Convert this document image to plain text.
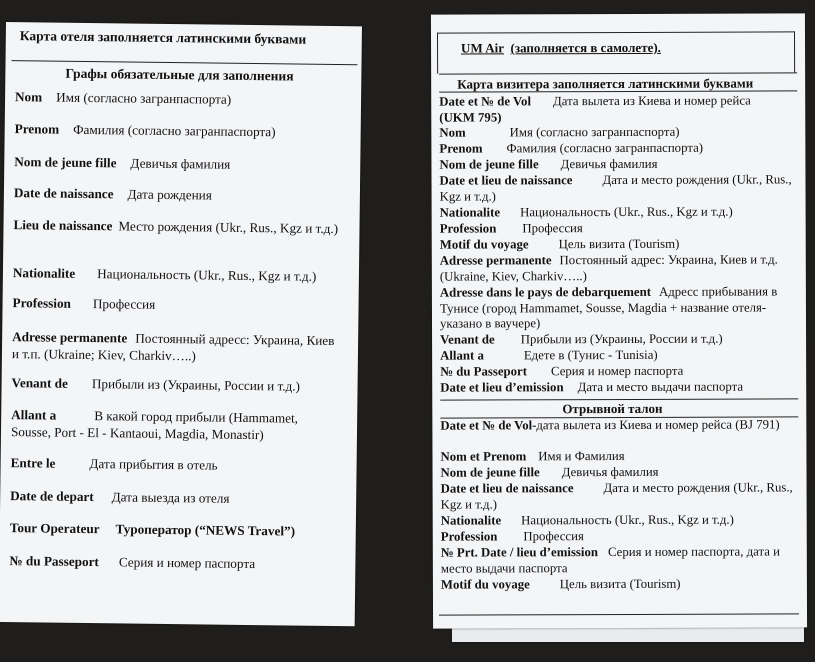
Карта отеля заполняется латинскими буквами
Графы обязательные для заполнения
Nom Имя (согласно загранпаспорта)
Prenom Фамилия (согласно загранпаспорта)
Nom de jeune fille Девичья фамилия
Date de naissance Дата рождения
Lieu de naissance Место рождения (Ukr., Rus., Kgz и т.д.)
Nationalite Национальность (Ukr., Rus., Kgz и т.д.)
Profession Профессия
Adresse permanente Постоянный адресс: Украина, Киев и т.п. (Ukraine; Kiev, Charkiv…..)
Venant de Прибыли из (Украины, России и т.д.)
Allant a	В какой город прибыли (Hammamet, Sousse, Port - El - Kantaoui, Magdia, Monastir)
Entre le	Дата прибытия в отель
Date de depart Дата выезда из отеля
Tour Operateur Туроператор (“NEWS Travel”)
№ du Passeport Серия и номер паспорта
UM Air (заполняется в самолете).
Карта визитера заполняется латинскими буквами
Date et № de Vol Дата вылета из Киева и номер рейса
(UKM 795)
Nom	Имя (согласно загранпаспорта)
Prenom Фамилия (согласно загранпаспорта)
Nom de jeune fille Девичья фамилия
Date et lieu de naissance Дата и место рождения (Ukr., Rus., Kgz и т.д.)
Nationalite Национальность (Ukr., Rus., Kgz и т.д.)
Profession Профессия
Motif du voyage Цель визита (Tourism)
Adresse permanente Постоянный адрес: Украина, Киев и т.д. (Ukraine, Kiev, Charkiv…..)
Adresse dans le pays de debarquement Адресс прибывания в Тунисе (город Hammamet, Sousse, Magdia + название отеля-указано в ваучере)
Venant de Прибыли из (Украины, России и т.д.)
Allant a	Едете в (Тунис - Tunisia)
№ du Passeport Серия и номер паспорта
Date et lieu d’emission Дата и место выдачи паспорта
Отрывной талон
Date et № de Vol-дата вылета из Киева и номер рейса (BJ 791)
Nom et Prenom Имя и Фамилия
Nom de jeune fille Девичья фамилия
Date et lieu de naissance Дата и место рождения (Ukr., Rus., Kgz и т.д.)
Nationalite Национальность (Ukr., Rus., Kgz и т.д.)
Profession Профессия
№ Prt. Date / lieu d’emission Серия и номер паспорта, дата и место выдачи паспорта
Motif du voyage Цель визита (Tourism)
